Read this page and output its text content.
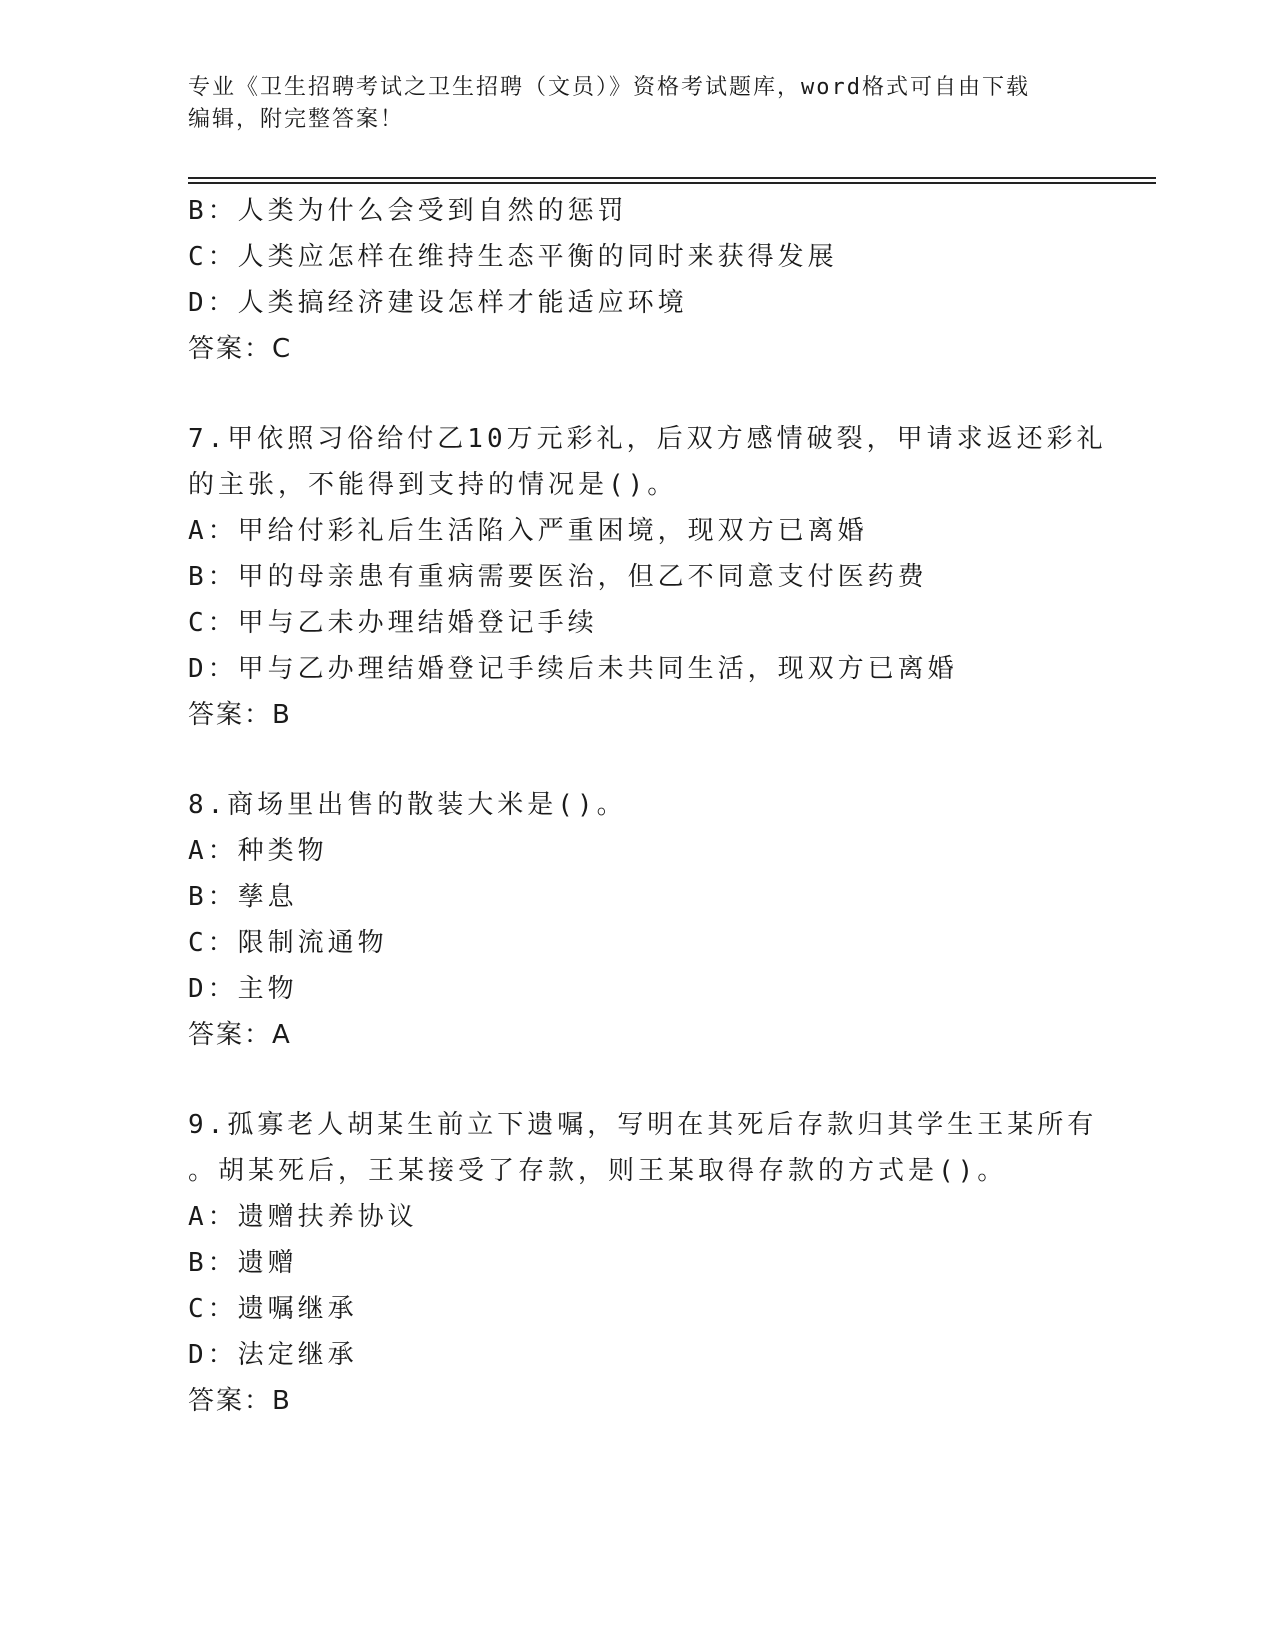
专业《卫生招聘考试之卫生招聘（文员）》资格考试题库，word格式可自由下载
编辑，附完整答案！
B：人类为什么会受到自然的惩罚
C：人类应怎样在维持生态平衡的同时来获得发展
D：人类搞经济建设怎样才能适应环境
答案：C
7.甲依照习俗给付乙10万元彩礼，后双方感情破裂，甲请求返还彩礼
的主张，不能得到支持的情况是()。
A：甲给付彩礼后生活陷入严重困境，现双方已离婚
B：甲的母亲患有重病需要医治，但乙不同意支付医药费
C：甲与乙未办理结婚登记手续
D：甲与乙办理结婚登记手续后未共同生活，现双方已离婚
答案：B
8.商场里出售的散装大米是()。
A：种类物
B：孳息
C：限制流通物
D：主物
答案：A
9.孤寡老人胡某生前立下遗嘱，写明在其死后存款归其学生王某所有
。胡某死后，王某接受了存款，则王某取得存款的方式是()。
A：遗赠扶养协议
B：遗赠
C：遗嘱继承
D：法定继承
答案：B
